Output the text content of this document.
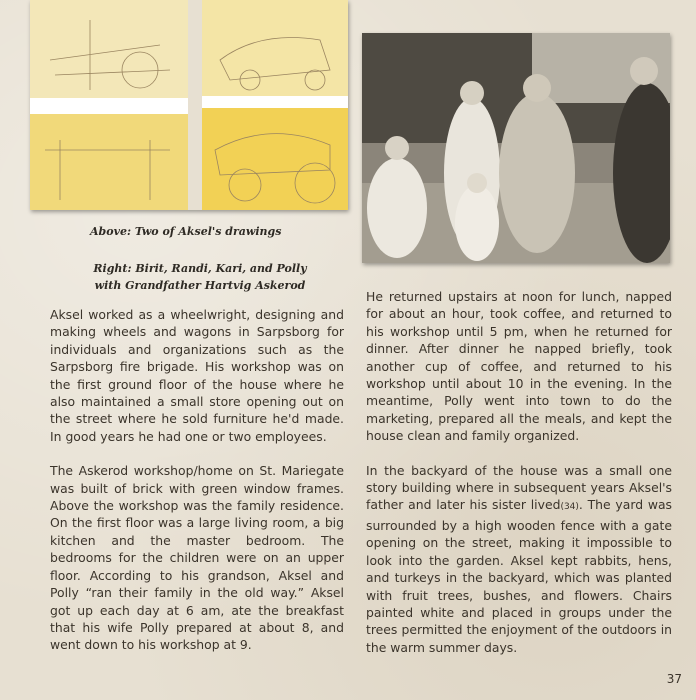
Above: Two of Aksel's drawings
Right: Birit, Randi, Kari, and Polly
with Grandfather Hartvig Askerod

Aksel worked as a wheelwright, designing and making wheels and wagons in Sarpsborg for individuals and organizations such as the Sarpsborg fire brigade. His workshop was on the first ground floor of the house where he also maintained a small store opening out on the street where he sold furniture he'd made. In good years he had one or two employees.

The Askerod workshop/home on St. Mariegate was built of brick with green window frames. Above the workshop was the family residence. On the first floor was a large living room, a big kitchen and the master bedroom. The bedrooms for the children were on an upper floor. According to his grandson, Aksel and Polly “ran their family in the old way.” Aksel got up each day at 6 am, ate the breakfast that his wife Polly prepared at about 8, and went down to his workshop at 9.

He returned upstairs at noon for lunch, napped for about an hour, took coffee, and returned to his workshop until 5 pm, when he returned for dinner. After dinner he napped briefly, took another cup of coffee, and returned to his workshop until about 10 in the evening. In the meantime, Polly went into town to do the marketing, prepared all the meals, and kept the house clean and family organized.

In the backyard of the house was a small one story building where in subsequent years Aksel's father and later his sister lived(34). The yard was surrounded by a high wooden fence with a gate opening on the street, making it impossible to look into the garden. Aksel kept rabbits, hens, and turkeys in the backyard, which was planted with fruit trees, bushes, and flowers. Chairs painted white and placed in groups under the trees permitted the enjoyment of the outdoors in the warm summer days.

37
